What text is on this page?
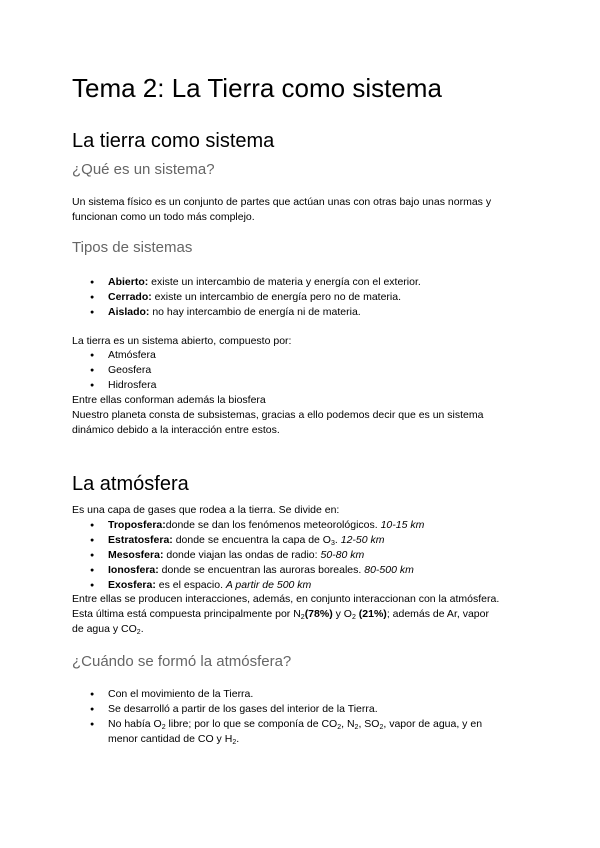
Tema 2: La Tierra como sistema
La tierra como sistema
¿Qué es un sistema?

Un sistema físico es un conjunto de partes que actúan unas con otras bajo unas normas y

funcionan como un todo más complejo.

Tipos de sistemas
● Abierto: existe un intercambio de materia y energía con el exterior.
● Cerrado: existe un intercambio de energía pero no de materia.
● Aislado: no hay intercambio de energía ni de materia.

La tierra es un sistema abierto, compuesto por:

● Atmósfera
● Geosfera
● Hidrosfera

Entre ellas conforman además la biosfera

Nuestro planeta consta de subsistemas, gracias a ello podemos decir que es un sistema

dinámico debido a la interacción entre estos.

La atmósfera

Es una capa de gases que rodea a la tierra. Se divide en:

● Troposfera:donde se dan los fenómenos meteorológicos. 10-15 km
● Estratosfera: donde se encuentra la capa de $O_3$. 12-50 km
● Mesosfera: donde viajan las ondas de radio: 50-80 km
● Ionosfera: donde se encuentran las auroras boreales. 80-500 km
● Exosfera: es el espacio. A partir de 500 km

Entre ellas se producen interacciones, además, en conjunto interaccionan con la atmósfera.

Esta última está compuesta principalmente por $N_2(78\%)$ y $O_2$ (21%); además de Ar, vapor

de agua y $CO_2$.

¿Cuándo se formó la atmósfera?
● Con el movimiento de la Tierra.
● Se desarrolló a partir de los gases del interior de la Tierra.
● No había $O_2$ libre; por lo que se componía de $CO_2$, $N_2$, $SO_2$, vapor de agua, y en

menor cantidad de CO y $H_2$.
